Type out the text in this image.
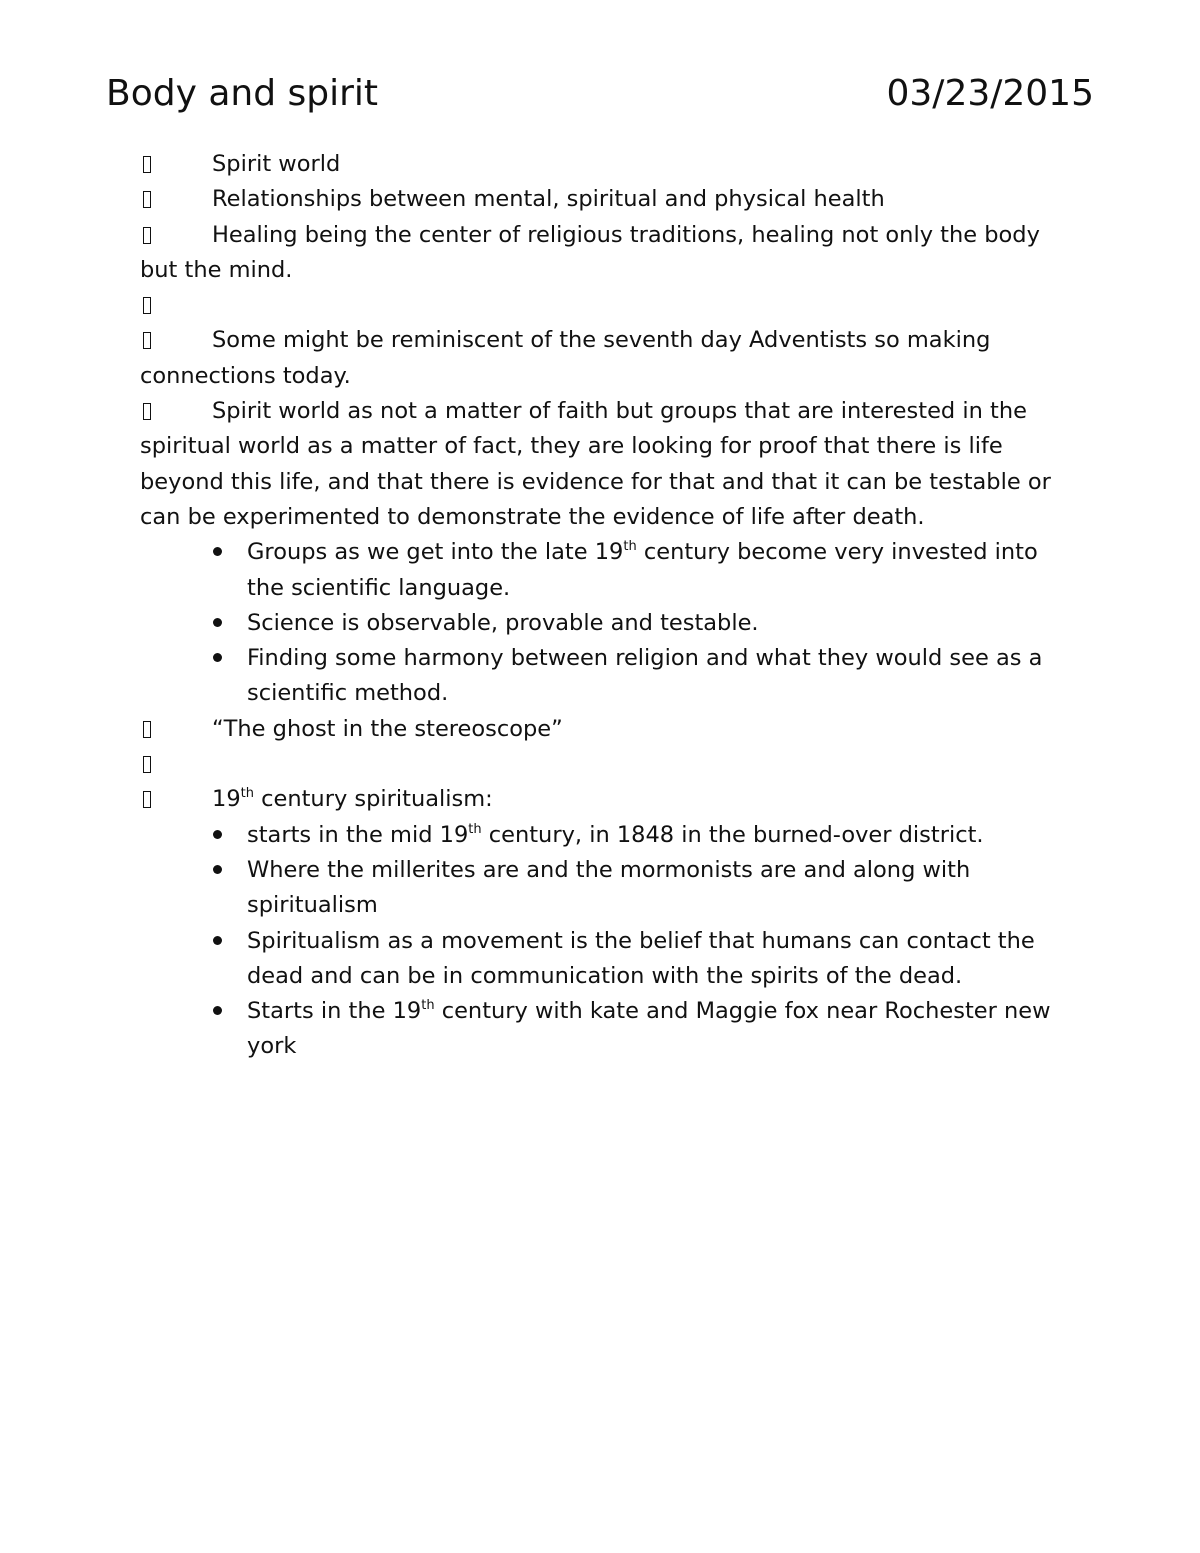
Body and spirit	03/23/2015

Spirit world

Relationships between mental, spiritual and physical health

Healing being the center of religious traditions, healing not only the body but the mind.

Some might be reminiscent of the seventh day Adventists so making connections today.

Spirit world as not a matter of faith but groups that are interested in the spiritual world as a matter of fact, they are looking for proof that there is life beyond this life, and that there is evidence for that and that it can be testable or can be experimented to demonstrate the evidence of life after death.

Groups as we get into the late 19th century become very invested into the scientific language.
Science is observable, provable and testable.
Finding some harmony between religion and what they would see as a scientific method.

“The ghost in the stereoscope”

19th century spiritualism:

starts in the mid 19th century, in 1848 in the burned-over district.
Where the millerites are and the mormonists are and along with spiritualism
Spiritualism as a movement is the belief that humans can contact the dead and can be in communication with the spirits of the dead.
Starts in the 19th century with kate and Maggie fox near Rochester new york
